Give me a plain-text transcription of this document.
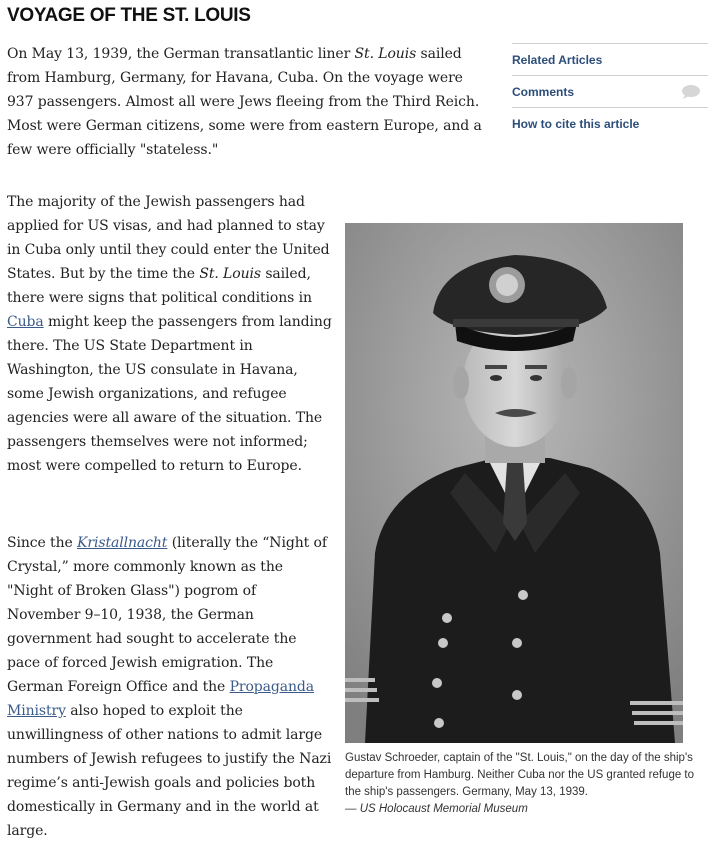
VOYAGE OF THE ST. LOUIS

On May 13, 1939, the German transatlantic liner St. Louis sailed from Hamburg, Germany, for Havana, Cuba. On the voyage were 937 passengers. Almost all were Jews fleeing from the Third Reich. Most were German citizens, some were from eastern Europe, and a few were officially "stateless."

The majority of the Jewish passengers had applied for US visas, and had planned to stay in Cuba only until they could enter the United States. But by the time the St. Louis sailed, there were signs that political conditions in Cuba might keep the passengers from landing there. The US State Department in Washington, the US consulate in Havana, some Jewish organizations, and refugee agencies were all aware of the situation. The passengers themselves were not informed; most were compelled to return to Europe.

Since the Kristallnacht (literally the “Night of Crystal,” more commonly known as the "Night of Broken Glass") pogrom of November 9–10, 1938, the German government had sought to accelerate the pace of forced Jewish emigration. The German Foreign Office and the Propaganda Ministry also hoped to exploit the unwillingness of other nations to admit large numbers of Jewish refugees to justify the Nazi regime’s anti-Jewish goals and policies both domestically in Germany and in the world at large.

Related Articles
Comments
How to cite this article

Gustav Schroeder, captain of the "St. Louis," on the day of the ship's departure from Hamburg. Neither Cuba nor the US granted refuge to the ship's passengers. Germany, May 13, 1939.

— US Holocaust Memorial Museum
